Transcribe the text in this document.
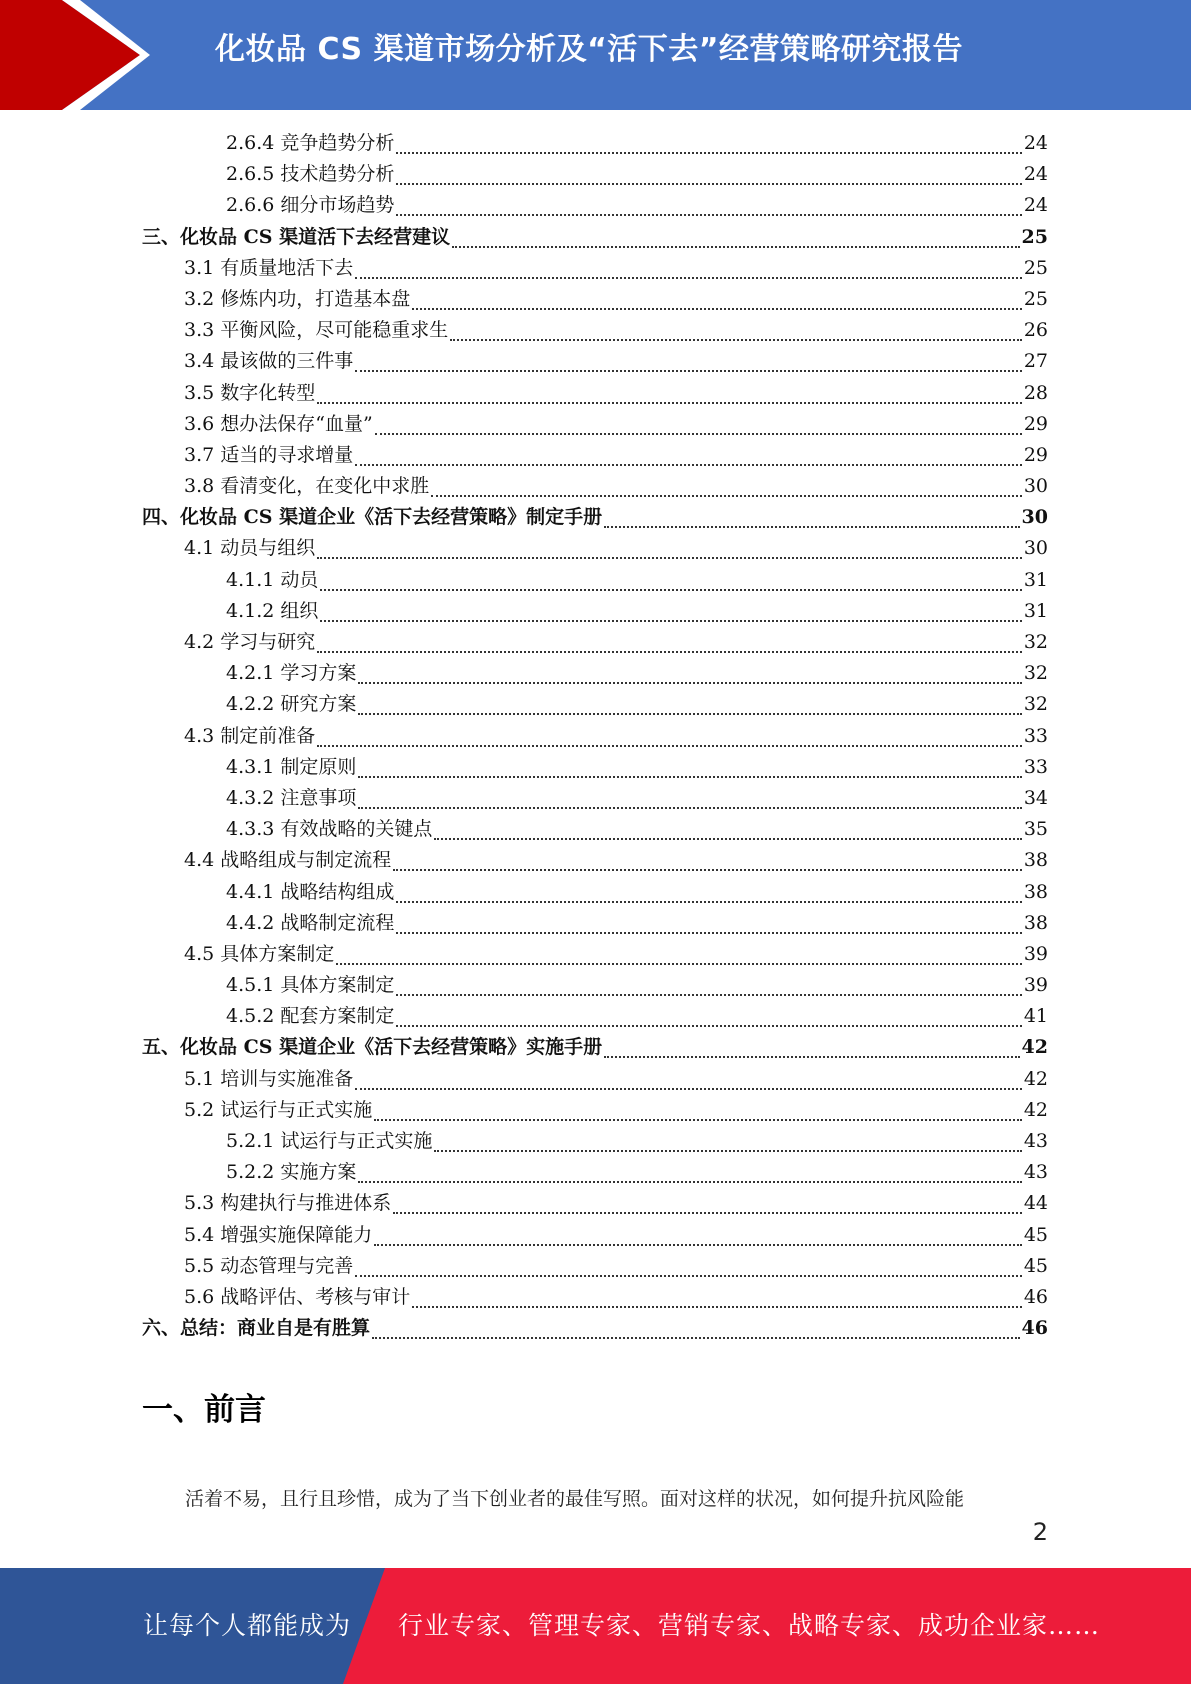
化妆品 CS 渠道市场分析及“活下去”经营策略研究报告
2.6.4 竞争趋势分析	24
2.6.5 技术趋势分析	24
2.6.6 细分市场趋势	24
三、化妆品 CS 渠道活下去经营建议	25
3.1 有质量地活下去	25
3.2 修炼内功，打造基本盘	25
3.3 平衡风险，尽可能稳重求生	26
3.4 最该做的三件事	27
3.5 数字化转型	28
3.6 想办法保存“血量”	29
3.7 适当的寻求增量	29
3.8 看清变化，在变化中求胜	30
四、化妆品 CS 渠道企业《活下去经营策略》制定手册	30
4.1 动员与组织	30
4.1.1 动员	31
4.1.2 组织	31
4.2 学习与研究	32
4.2.1 学习方案	32
4.2.2 研究方案	32
4.3 制定前准备	33
4.3.1 制定原则	33
4.3.2 注意事项	34
4.3.3 有效战略的关键点	35
4.4 战略组成与制定流程	38
4.4.1 战略结构组成	38
4.4.2 战略制定流程	38
4.5 具体方案制定	39
4.5.1 具体方案制定	39
4.5.2 配套方案制定	41
五、化妆品 CS 渠道企业《活下去经营策略》实施手册	42
5.1 培训与实施准备	42
5.2 试运行与正式实施	42
5.2.1 试运行与正式实施	43
5.2.2 实施方案	43
5.3 构建执行与推进体系	44
5.4 增强实施保障能力	45
5.5 动态管理与完善	45
5.6 战略评估、考核与审计	46
六、总结：商业自是有胜算	46
一、前言
活着不易，且行且珍惜，成为了当下创业者的最佳写照。面对这样的状况，如何提升抗风险能
2
让每个人都能成为 行业专家、管理专家、营销专家、战略专家、成功企业家……
